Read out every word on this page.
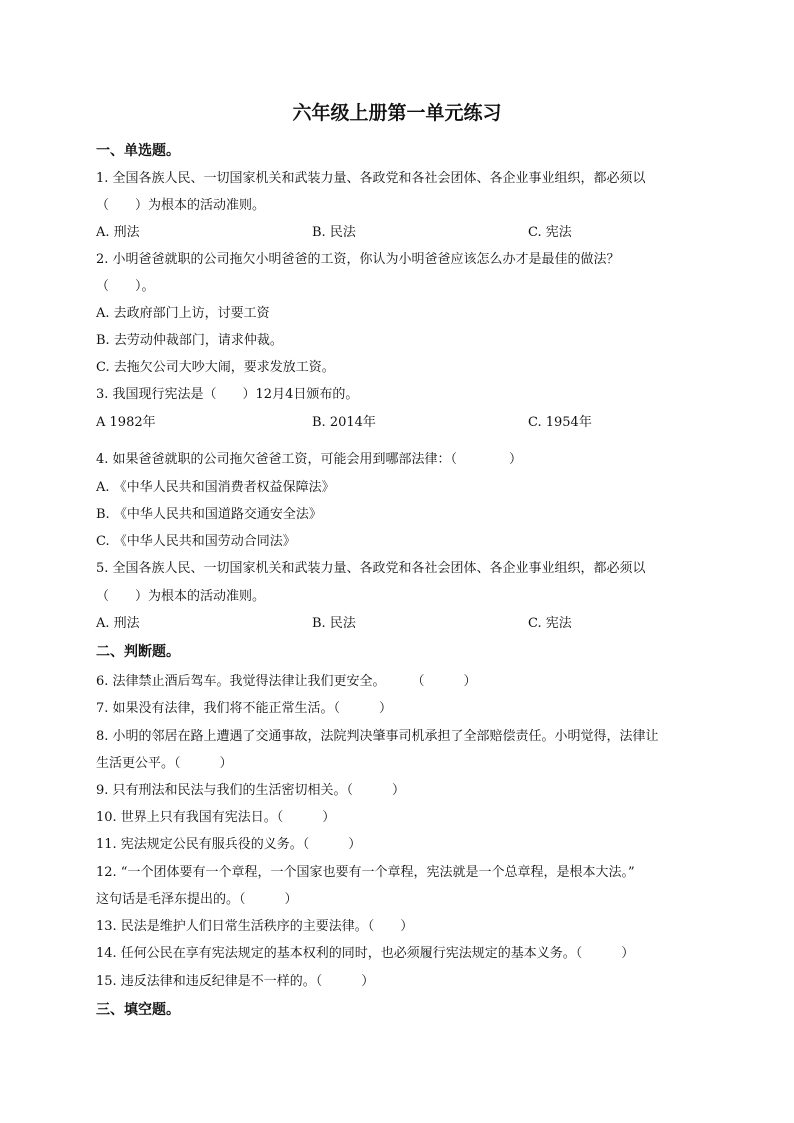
六年级上册第一单元练习
一、单选题。
1. 全国各族人民、一切国家机关和武装力量、各政党和各社会团体、各企业事业组织，都必须以
（　　）为根本的活动准则。
A. 刑法	B. 民法	C. 宪法
2. 小明爸爸就职的公司拖欠小明爸爸的工资，你认为小明爸爸应该怎么办才是最佳的做法？
（　　）。
A. 去政府部门上访，讨要工资
B. 去劳动仲裁部门，请求仲裁。
C. 去拖欠公司大吵大闹，要求发放工资。
3. 我国现行宪法是（　　）12月4日颁布的。
A 1982年	B. 2014年	C. 1954年
4. 如果爸爸就职的公司拖欠爸爸工资，可能会用到哪部法律：（　　　　）
A. 《中华人民共和国消费者权益保障法》
B. 《中华人民共和国道路交通安全法》
C. 《中华人民共和国劳动合同法》
5. 全国各族人民、一切国家机关和武装力量、各政党和各社会团体、各企业事业组织，都必须以
（　　）为根本的活动准则。
A. 刑法	B. 民法	C. 宪法
二、判断题。
6. 法律禁止酒后驾车。我觉得法律让我们更安全。　　　（　　　）
7. 如果没有法律，我们将不能正常生活。（　　　）
8. 小明的邻居在路上遭遇了交通事故，法院判决肇事司机承担了全部赔偿责任。小明觉得，法律让
生活更公平。（　　　）
9. 只有刑法和民法与我们的生活密切相关。（　　　）
10. 世界上只有我国有宪法日。（　　　）
11. 宪法规定公民有服兵役的义务。（　　　）
12. “一个团体要有一个章程，一个国家也要有一个章程，宪法就是一个总章程，是根本大法。”
这句话是毛泽东提出的。（　　　）
13. 民法是维护人们日常生活秩序的主要法律。（　　）
14. 任何公民在享有宪法规定的基本权利的同时，也必须履行宪法规定的基本义务。（　　　）
15. 违反法律和违反纪律是不一样的。（　　　）
三、填空题。
